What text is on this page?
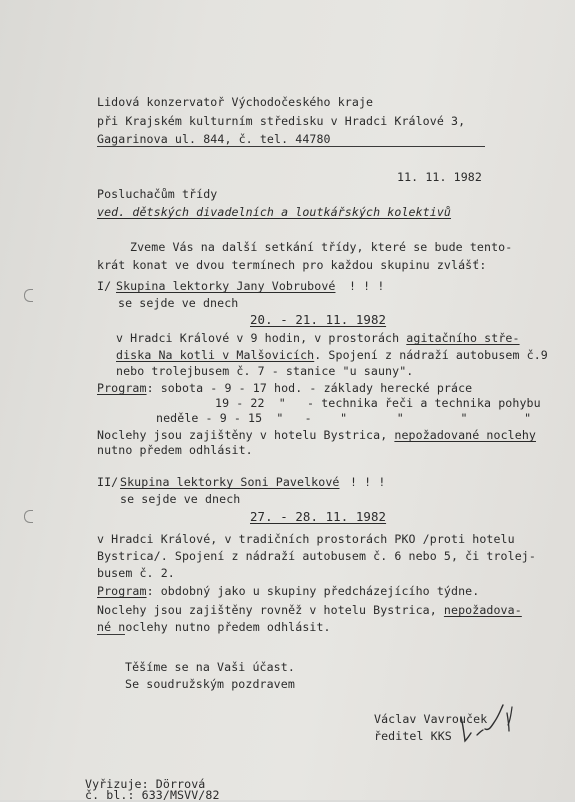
Lidová konzervatoř Východočeského kraje
při Krajském kulturním středisku v Hradci Králové 3,
Gagarinova ul. 844, č. tel. 44780
11. 11. 1982
Posluchačům třídy
ved. dětských divadelních a loutkářských kolektivů
Zveme Vás na další setkání třídy, které se bude tento-
krát konat ve dvou termínech pro každou skupinu zvlášť:
I/ Skupina lektorky Jany Vobrubové ! ! !
se sejde ve dnech
20. - 21. 11. 1982
v Hradci Králové v 9 hodin, v prostorách agitačního stře-
diska Na kotli v Malšovicích. Spojení z nádraží autobusem č.9
nebo trolejbusem č. 7 - stanice "u sauny".
Program: sobota - 9 - 17 hod. - základy herecké práce
19 - 22  "   - technika řeči a technika pohybu
neděle - 9 - 15  "   -    "       "        "        "
Noclehy jsou zajištěny v hotelu Bystrica, nepožadované noclehy
nutno předem odhlásit.
II/ Skupina lektorky Soni Pavelkové ! ! !
se sejde ve dnech
27. - 28. 11. 1982
v Hradci Králové, v tradičních prostorách PKO /proti hotelu
Bystrica/. Spojení z nádraží autobusem č. 6 nebo 5, či trolej-
busem č. 2.
Program: obdobný jako u skupiny předcházejícího týdne.
Noclehy jsou zajištěny rovněž v hotelu Bystrica, nepožadova-
né noclehy nutno předem odhlásit.
Těšíme se na Vaši účast.
Se soudružským pozdravem
Václav Vavrouček
ředitel KKS
Vyřizuje: Dörrová
č. bl.: 633/MSVV/82
